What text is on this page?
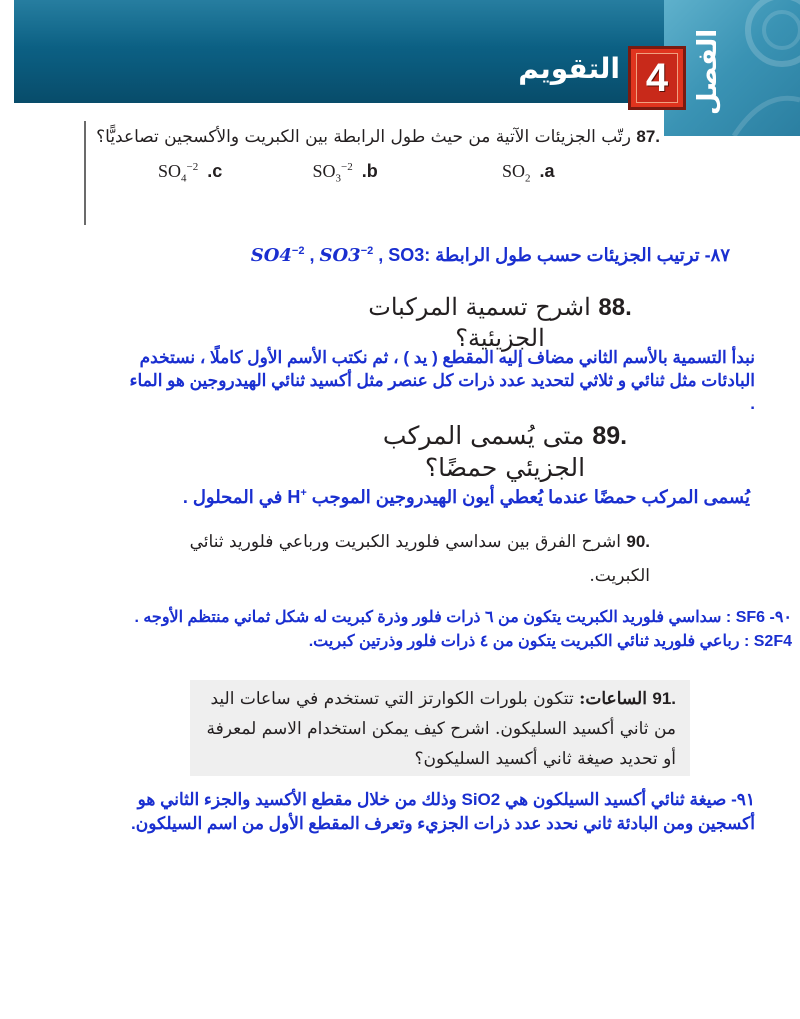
الفصل
التقويم 4
87. رتّب الجزيئات الآتية من حيث طول الرابطة بين الكبريت والأكسجين تصاعديًّا؟
$SO_4^{-2}$ .c	$SO_3^{-2}$ .b	$SO_2$ .a
٨٧- ترتيب الجزيئات حسب طول الرابطة $:SO4^{-2}$ , $SO3^{-2}$ , SO3
88. اشرح تسمية المركبات الجزيئية؟
نبدأ التسمية بالأسم الثاني مضاف إليه المقطع ( يد ) ، ثم نكتب الأسم الأول كاملًا ، نستخدم البادئات مثل ثنائي و ثلاثي لتحديد عدد ذرات كل عنصر مثل أكسيد ثنائي الهيدروجين هو الماء .
89. متى يُسمى المركب الجزيئي حمضًا؟
يُسمى المركب حمضًا عندما يُعطي أيون الهيدروجين الموجب H+ في المحلول .
90. اشرح الفرق بين سداسي فلوريد الكبريت ورباعي فلوريد ثنائي الكبريت.
٩٠- SF6 : سداسي فلوريد الكبريت يتكون من ٦ ذرات فلور وذرة كبريت له شكل ثماني منتظم الأوجه .
S2F4 : رباعي فلوريد ثنائي الكبريت يتكون من ٤ ذرات فلور وذرتين كبريت.
91. الساعات: تتكون بلورات الكوارتز التي تستخدم في ساعات اليد من ثاني أكسيد السليكون. اشرح كيف يمكن استخدام الاسم لمعرفة أو تحديد صيغة ثاني أكسيد السليكون؟
٩١- صيغة ثنائي أكسيد السيلكون هي SiO2 وذلك من خلال مقطع الأكسيد والجزء الثاني هو أكسجين ومن البادئة ثاني نحدد عدد ذرات الجزيء وتعرف المقطع الأول من اسم السيلكون.
